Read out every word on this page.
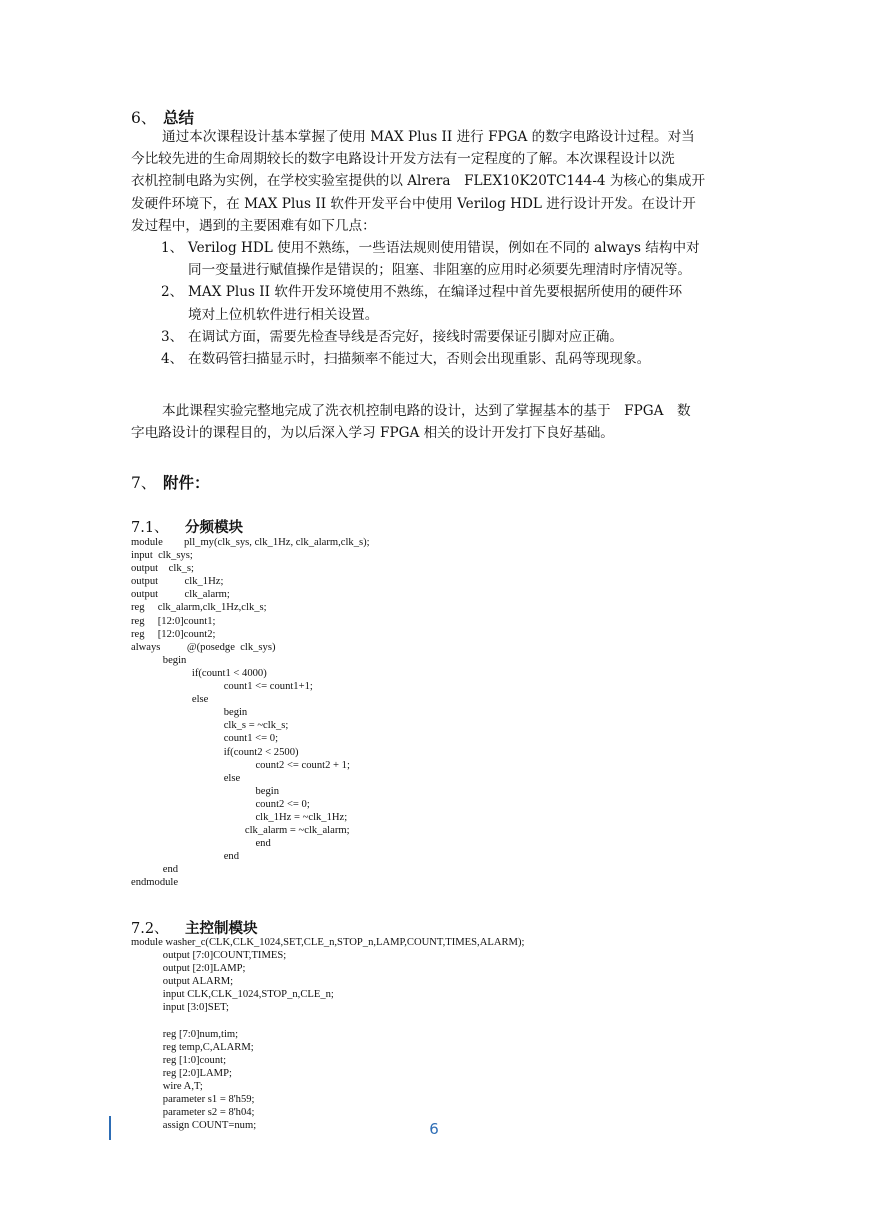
6、 总结
通过本次课程设计基本掌握了使用 MAX Plus II 进行 FPGA 的数字电路设计过程。对当
今比较先进的生命周期较长的数字电路设计开发方法有一定程度的了解。本次课程设计以洗
衣机控制电路为实例，在学校实验室提供的以 Alrera　FLEX10K20TC144-4 为核心的集成开
发硬件环境下，在 MAX Plus II 软件开发平台中使用 Verilog HDL 进行设计开发。在设计开
发过程中，遇到的主要困难有如下几点：
1、 Verilog HDL 使用不熟练，一些语法规则使用错误，例如在不同的 always 结构中对
同一变量进行赋值操作是错误的；阻塞、非阻塞的应用时必须要先理清时序情况等。
2、 MAX Plus II 软件开发环境使用不熟练，在编译过程中首先要根据所使用的硬件环
境对上位机软件进行相关设置。
3、 在调试方面，需要先检查导线是否完好，接线时需要保证引脚对应正确。
4、 在数码管扫描显示时，扫描频率不能过大，否则会出现重影、乱码等现现象。
本此课程实验完整地完成了洗衣机控制电路的设计，达到了掌握基本的基于　FPGA　数
字电路设计的课程目的，为以后深入学习 FPGA 相关的设计开发打下良好基础。
7、 附件：
7.1、 分频模块
module        pll_my(clk_sys, clk_1Hz, clk_alarm,clk_s);
input  clk_sys;
output    clk_s;
output          clk_1Hz;
output          clk_alarm;
reg     clk_alarm,clk_1Hz,clk_s;
reg     [12:0]count1;
reg     [12:0]count2;
always          @(posedge  clk_sys)
begin
if(count1 < 4000)
count1 <= count1+1;
else
begin
clk_s = ~clk_s;
count1 <= 0;
if(count2 < 2500)
count2 <= count2 + 1;
else
begin
count2 <= 0;
clk_1Hz = ~clk_1Hz;
clk_alarm = ~clk_alarm;
end
end
end
endmodule
7.2、 主控制模块
module washer_c(CLK,CLK_1024,SET,CLE_n,STOP_n,LAMP,COUNT,TIMES,ALARM);
output [7:0]COUNT,TIMES;
output [2:0]LAMP;
output ALARM;
input CLK,CLK_1024,STOP_n,CLE_n;
input [3:0]SET;
reg [7:0]num,tim;
reg temp,C,ALARM;
reg [1:0]count;
reg [2:0]LAMP;
wire A,T;
parameter s1 = 8'h59;
parameter s2 = 8'h04;
assign COUNT=num;	6
